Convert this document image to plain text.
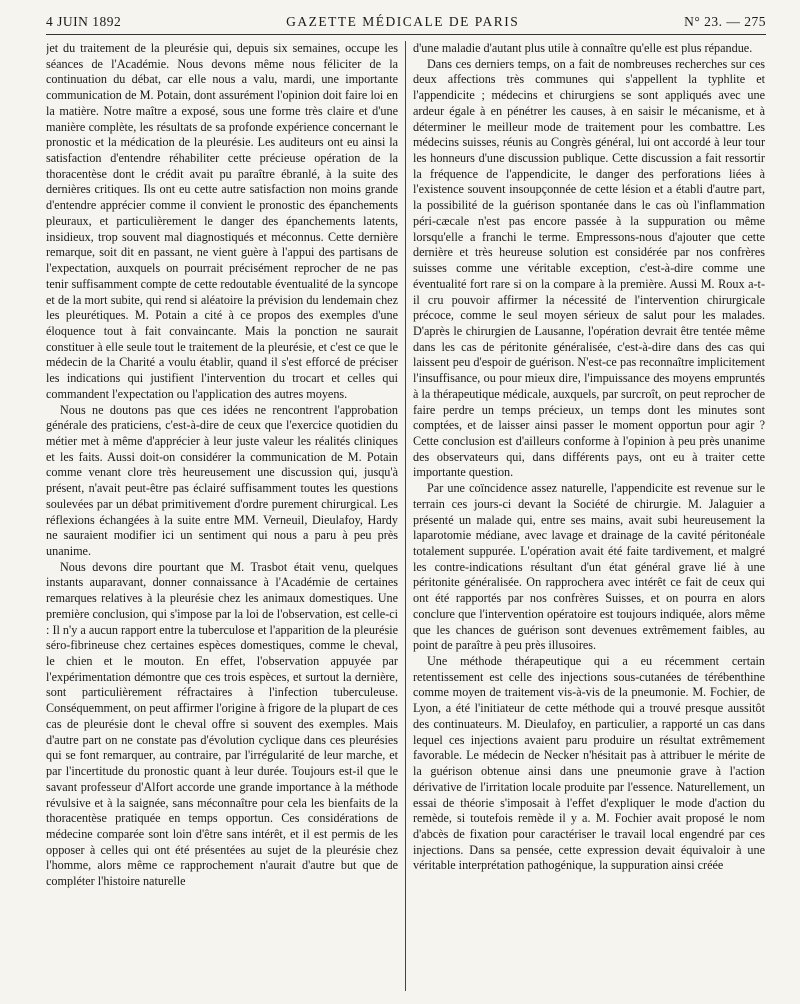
4 JUIN 1892	GAZETTE MÉDICALE DE PARIS	N° 23. — 275

jet du traitement de la pleurésie qui, depuis six semaines, occupe les séances de l'Académie. Nous devons même nous féliciter de la continuation du débat, car elle nous a valu, mardi, une importante communication de M. Potain, dont assurément l'opinion doit faire loi en la matière. Notre maître a exposé, sous une forme très claire et d'une manière complète, les résultats de sa profonde expérience concernant le pronostic et la médication de la pleurésie. Les auditeurs ont eu ainsi la satisfaction d'entendre réhabiliter cette précieuse opération de la thoracentèse dont le crédit avait pu paraître ébranlé, à la suite des dernières critiques. Ils ont eu cette autre satisfaction non moins grande d'entendre apprécier comme il convient le pronostic des épanchements pleuraux, et particulièrement le danger des épanchements latents, insidieux, trop souvent mal diagnostiqués et méconnus. Cette dernière remarque, soit dit en passant, ne vient guère à l'appui des partisans de l'expectation, auxquels on pourrait précisément reprocher de ne pas tenir suffisamment compte de cette redoutable éventualité de la syncope et de la mort subite, qui rend si aléatoire la prévision du lendemain chez les pleurétiques. M. Potain a cité à ce propos des exemples d'une éloquence tout à fait convaincante. Mais la ponction ne saurait constituer à elle seule tout le traitement de la pleurésie, et c'est ce que le médecin de la Charité a voulu établir, quand il s'est efforcé de préciser les indications qui justifient l'intervention du trocart et celles qui commandent l'expectation ou l'application des autres moyens.

Nous ne doutons pas que ces idées ne rencontrent l'approbation générale des praticiens, c'est-à-dire de ceux que l'exercice quotidien du métier met à même d'apprécier à leur juste valeur les réalités cliniques et les faits. Aussi doit-on considérer la communication de M. Potain comme venant clore très heureusement une discussion qui, jusqu'à présent, n'avait peut-être pas éclairé suffisamment toutes les questions soulevées par un débat primitivement d'ordre purement chirurgical. Les réflexions échangées à la suite entre MM. Verneuil, Dieulafoy, Hardy ne sauraient modifier ici un sentiment qui nous a paru à peu près unanime.

Nous devons dire pourtant que M. Trasbot était venu, quelques instants auparavant, donner connaissance à l'Académie de certaines remarques relatives à la pleurésie chez les animaux domestiques. Une première conclusion, qui s'impose par la loi de l'observation, est celle-ci : Il n'y a aucun rapport entre la tuberculose et l'apparition de la pleurésie séro-fibrineuse chez certaines espèces domestiques, comme le cheval, le chien et le mouton. En effet, l'observation appuyée par l'expérimentation démontre que ces trois espèces, et surtout la dernière, sont particulièrement réfractaires à l'infection tuberculeuse. Conséquemment, on peut affirmer l'origine à frigore de la plupart de ces cas de pleurésie dont le cheval offre si souvent des exemples. Mais d'autre part on ne constate pas d'évolution cyclique dans ces pleurésies qui se font remarquer, au contraire, par l'irrégularité de leur marche, et par l'incertitude du pronostic quant à leur durée. Toujours est-il que le savant professeur d'Alfort accorde une grande importance à la méthode révulsive et à la saignée, sans méconnaître pour cela les bienfaits de la thoracentèse pratiquée en temps opportun. Ces considérations de médecine comparée sont loin d'être sans intérêt, et il est permis de les opposer à celles qui ont été présentées au sujet de la pleurésie chez l'homme, alors même ce rapprochement n'aurait d'autre but que de compléter l'histoire naturelle

d'une maladie d'autant plus utile à connaître qu'elle est plus répandue.

Dans ces derniers temps, on a fait de nombreuses recherches sur ces deux affections très communes qui s'appellent la typhlite et l'appendicite ; médecins et chirurgiens se sont appliqués avec une ardeur égale à en pénétrer les causes, à en saisir le mécanisme, et à déterminer le meilleur mode de traitement pour les combattre. Les médecins suisses, réunis au Congrès général, lui ont accordé à leur tour les honneurs d'une discussion publique. Cette discussion a fait ressortir la fréquence de l'appendicite, le danger des perforations liées à l'existence souvent insoupçonnée de cette lésion et a établi d'autre part, la possibilité de la guérison spontanée dans le cas où l'inflammation péri-cæcale n'est pas encore passée à la suppuration ou même lorsqu'elle a franchi le terme. Empressons-nous d'ajouter que cette dernière et très heureuse solution est considérée par nos confrères suisses comme une véritable exception, c'est-à-dire comme une éventualité fort rare si on la compare à la première. Aussi M. Roux a-t-il cru pouvoir affirmer la nécessité de l'intervention chirurgicale précoce, comme le seul moyen sérieux de salut pour les malades. D'après le chirurgien de Lausanne, l'opération devrait être tentée même dans les cas de péritonite généralisée, c'est-à-dire dans des cas qui laissent peu d'espoir de guérison. N'est-ce pas reconnaître implicitement l'insuffisance, ou pour mieux dire, l'impuissance des moyens empruntés à la thérapeutique médicale, auxquels, par surcroît, on peut reprocher de faire perdre un temps précieux, un temps dont les minutes sont comptées, et de laisser ainsi passer le moment opportun pour agir ? Cette conclusion est d'ailleurs conforme à l'opinion à peu près unanime des observateurs qui, dans différents pays, ont eu à traiter cette importante question.

Par une coïncidence assez naturelle, l'appendicite est revenue sur le terrain ces jours-ci devant la Société de chirurgie. M. Jalaguier a présenté un malade qui, entre ses mains, avait subi heureusement la laparotomie médiane, avec lavage et drainage de la cavité péritonéale totalement suppurée. L'opération avait été faite tardivement, et malgré les contre-indications résultant d'un état général grave lié à une péritonite généralisée. On rapprochera avec intérêt ce fait de ceux qui ont été rapportés par nos confrères Suisses, et on pourra en alors conclure que l'intervention opératoire est toujours indiquée, alors même que les chances de guérison sont devenues extrêmement faibles, au point de paraître à peu près illusoires.

Une méthode thérapeutique qui a eu récemment certain retentissement est celle des injections sous-cutanées de térébenthine comme moyen de traitement vis-à-vis de la pneumonie. M. Fochier, de Lyon, a été l'initiateur de cette méthode qui a trouvé presque aussitôt des continuateurs. M. Dieulafoy, en particulier, a rapporté un cas dans lequel ces injections avaient paru produire un résultat extrêmement favorable. Le médecin de Necker n'hésitait pas à attribuer le mérite de la guérison obtenue ainsi dans une pneumonie grave à l'action dérivative de l'irritation locale produite par l'essence. Naturellement, un essai de théorie s'imposait à l'effet d'expliquer le mode d'action du remède, si toutefois remède il y a. M. Fochier avait proposé le nom d'abcès de fixation pour caractériser le travail local engendré par ces injections. Dans sa pensée, cette expression devait équivaloir à une véritable interprétation pathogénique, la suppuration ainsi créée
